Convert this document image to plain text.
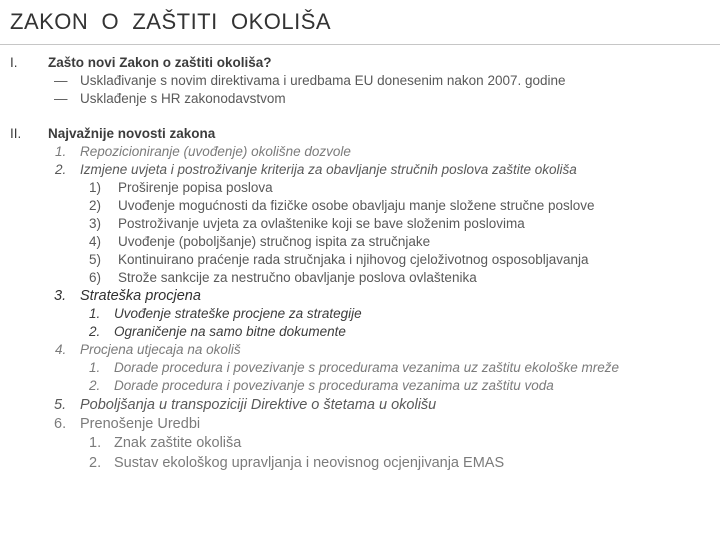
ZAKON  O  ZAŠTITI  OKOLIŠA
I. Zašto novi Zakon o zaštiti okoliša?
— Usklađivanje s novim direktivama i uredbama EU donesenim nakon 2007. godine
— Usklađenje s HR zakonodavstvom
II. Najvažnije novosti zakona
1. Repozicioniranje (uvođenje) okolišne dozvole
2. Izmjene uvjeta i postroživanje kriterija za obavljanje stručnih poslova zaštite okoliša
1) Proširenje popisa poslova
2) Uvođenje mogućnosti da fizičke osobe obavljaju manje složene stručne poslove
3) Postroživanje uvjeta za ovlaštenike koji se bave složenim poslovima
4) Uvođenje (poboljšanje) stručnog ispita za stručnjake
5) Kontinuirano praćenje rada stručnjaka i njihovog cjeloživotnog osposobljavanja
6) Strože sankcije za nestručno obavljanje poslova ovlaštenika
3. Strateška procjena
1. Uvođenje strateške procjene za strategije
2. Ograničenje na samo bitne dokumente
4. Procjena utjecaja na okoliš
1. Dorade procedura i povezivanje s procedurama vezanima uz zaštitu ekološke mreže
2. Dorade procedura i povezivanje s procedurama vezanima uz zaštitu voda
5. Poboljšanja u transpoziciji Direktive o štetama u okolišu
6. Prenošenje Uredbi
1. Znak zaštite okoliša
2. Sustav ekološkog upravljanja i neovisnog ocjenjivanja EMAS
